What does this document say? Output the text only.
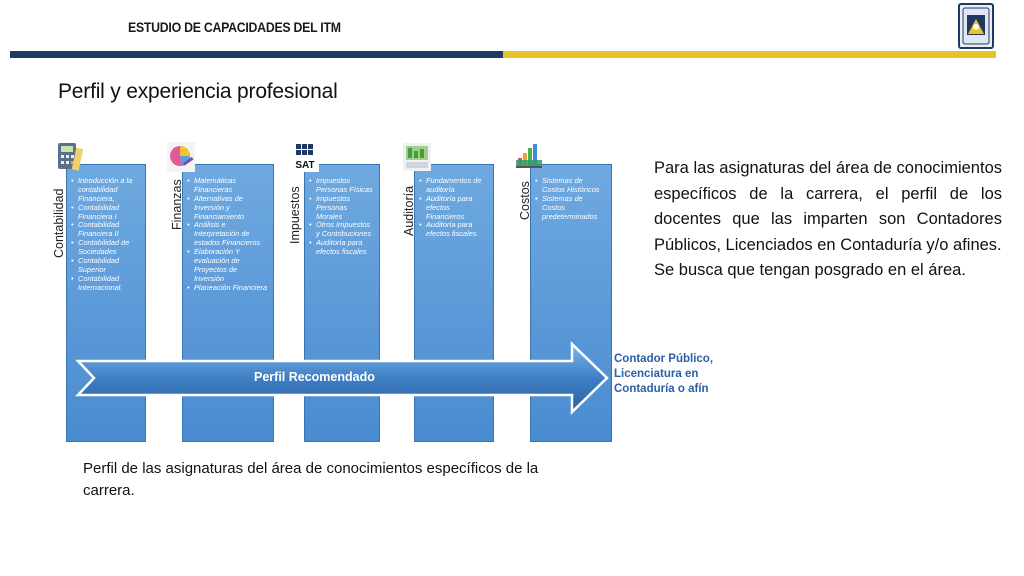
ESTUDIO DE CAPACIDADES DEL ITM
Perfil y experiencia profesional
• Introducción a la contabilidad Financiera,
• Contabilidad Financiera I
• Contabilidad Financiera II
• Contabilidad de Sociedades
• Contabilidad Superior
• Contabilidad Internacional.
Contabilidad
• Matemáticas Financieras
• Alternativas de Inversión y Financiamiento
• Análisis e Interpretación de estados Financieros
• Elaboración Y evaluación de Proyectos de Inversión
• Planeación Financiera
Finanzas
•	Impuestos Personas Físicas
• Impuestos Personas Morales
• Otros Impuestos y Contribuciones
• Auditoría para efectos fiscales
SAT
Impuestos
• Fundamentos de auditoría
• Auditoría para efectos Financieros
• Auditoría para efectos fiscales
Auditoría
• Sistemas de Costos Históricos
• Sistemas de Costos predeterminados
Costos
Perfil Recomendado
Contador Público,
Licenciatura en
Contaduría o afín

Para las asignaturas del área de conocimientos específicos de la carrera, el perfil de los docentes que las imparten son Contadores Públicos, Licenciados en Contaduría y/o afines.

Se busca que tengan posgrado en el área.

Perfil de las asignaturas del área de conocimientos específicos de la carrera.
